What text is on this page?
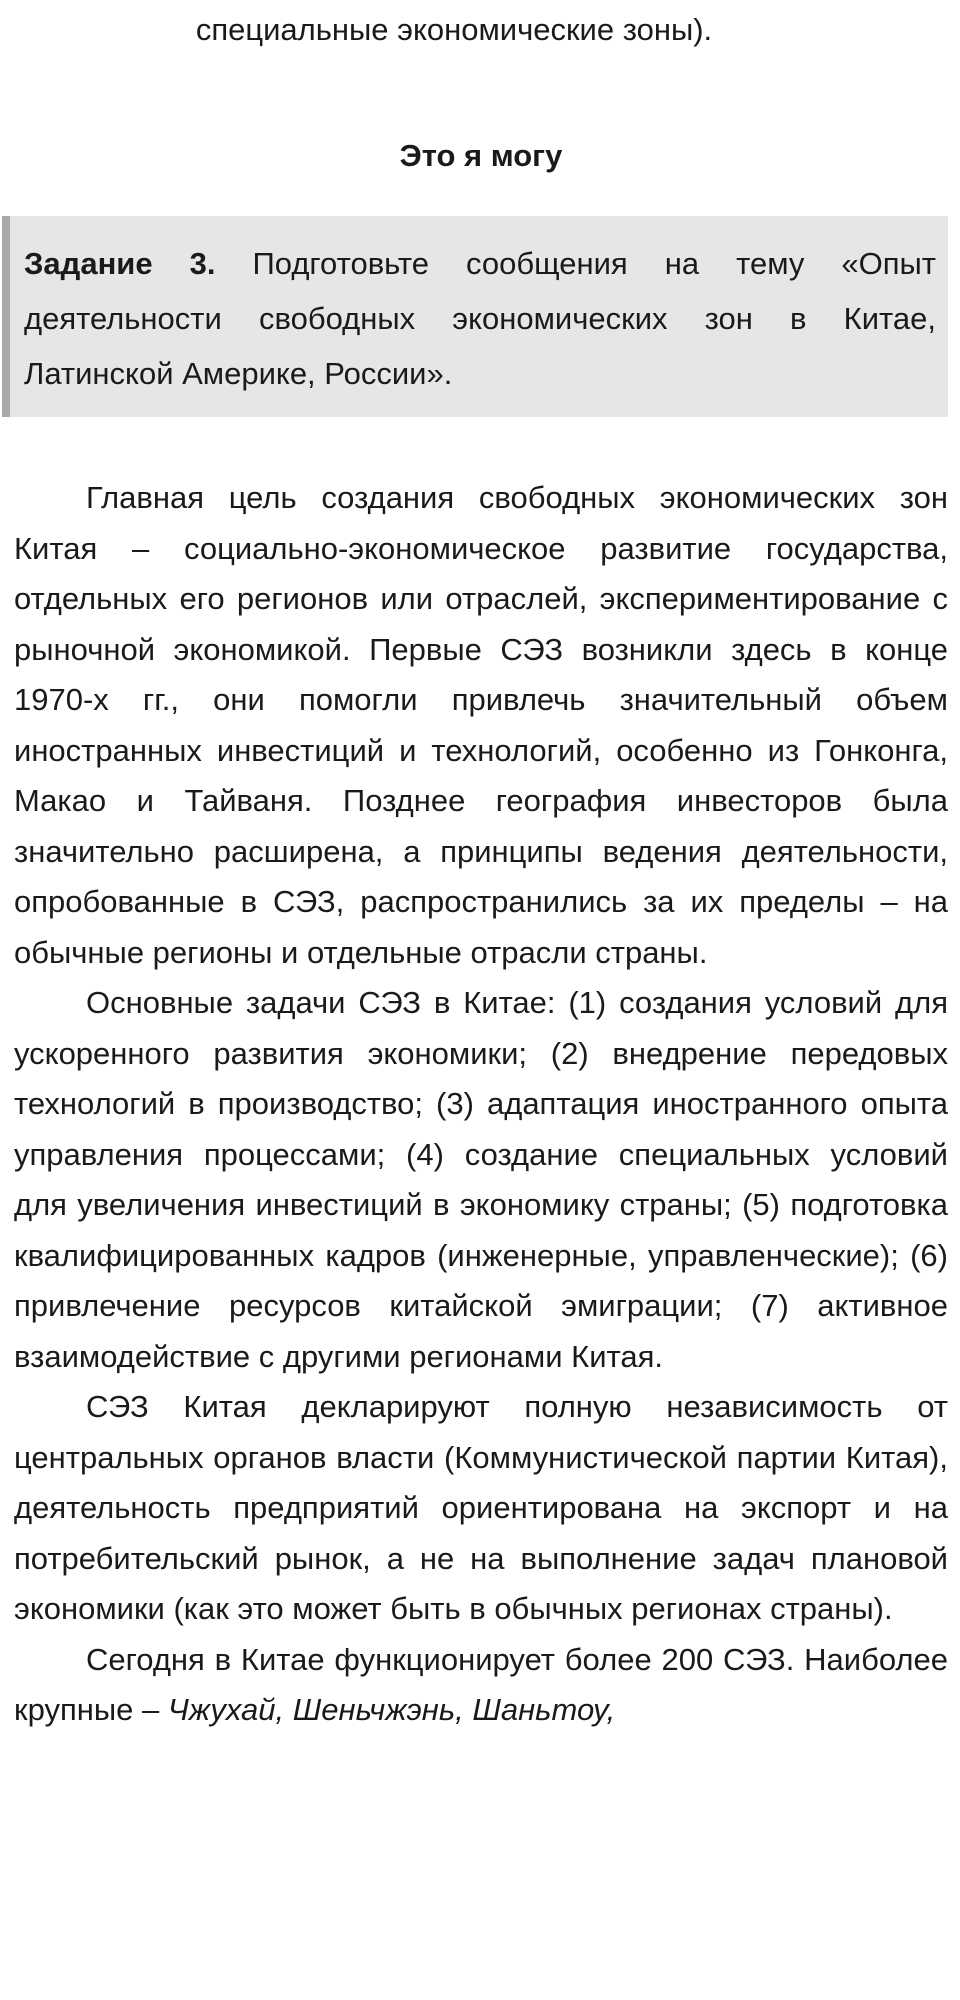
специальные экономические зоны).

Это я могу
Задание 3. Подготовьте сообщения на тему «Опыт деятельности свободных экономических зон в Китае, Латинской Америке, России».

Главная цель создания свободных экономических зон Китая – социально-экономическое развитие государства, отдельных его регионов или отраслей, экспериментирование с рыночной экономикой. Первые СЭЗ возникли здесь в конце 1970-х гг., они помогли привлечь значительный объем иностранных инвестиций и технологий, особенно из Гонконга, Макао и Тайваня. Позднее география инвесторов была значительно расширена, а принципы ведения деятельности, опробованные в СЭЗ, распространились за их пределы – на обычные регионы и отдельные отрасли страны.

Основные задачи СЭЗ в Китае: (1) создания условий для ускоренного развития экономики; (2) внедрение передовых технологий в производство; (3) адаптация иностранного опыта управления процессами; (4) создание специальных условий для увеличения инвестиций в экономику страны; (5) подготовка квалифицированных кадров (инженерные, управленческие); (6) привлечение ресурсов китайской эмиграции; (7) активное взаимодействие с другими регионами Китая.

СЭЗ Китая декларируют полную независимость от центральных органов власти (Коммунистической партии Китая), деятельность предприятий ориентирована на экспорт и на потребительский рынок, а не на выполнение задач плановой экономики (как это может быть в обычных регионах страны).

Сегодня в Китае функционирует более 200 СЭЗ. Наиболее крупные – Чжухай, Шеньчжэнь, Шаньтоу,
